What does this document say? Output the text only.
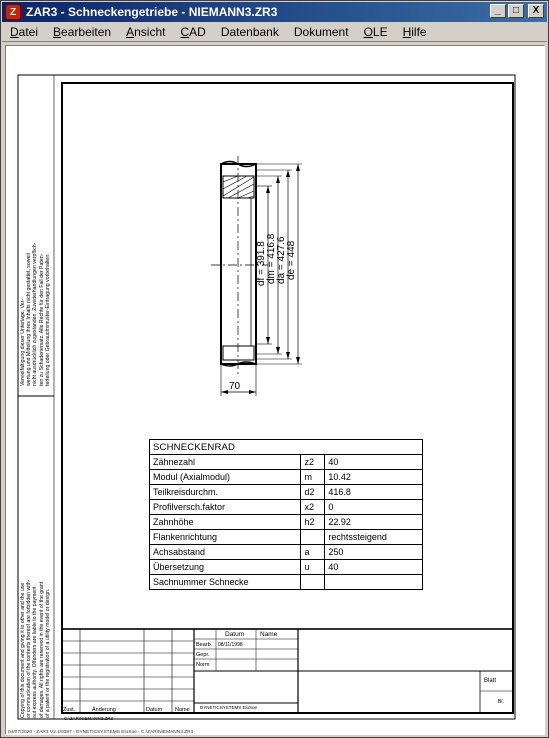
Z ZAR3 - Schneckengetriebe - NIEMANN3.ZR3	_	□	X
Datei	Bearbeiten	Ansicht	CAD	Datenbank	Dokument	OLE	Hilfe
df = 391.8 dm = 416.8 da = 427.6 de = 448
70
Datum Name
Bearb. 08/11/1998
Gepr.
Norm
Zust.	Änderung	Datum Name DYNETICSYSTEMS EloSoe
Blatt
Bl.
C:\ZAR\NIEMANN3.ZR3
04/07/2020 - ZAR3 V2.1/0387 - DYNETICSYSTEMS EloSoe - C:\ZAR\NIEMANN3.ZR3
Vervielfältigung dieser Unterlage, Ver-
wertung und Mitteilung ihres Inhalts nicht gestattet, soweit
nicht ausdrücklich zugestanden. Zuwiderhandlungen verpflich-
ten zu Schadenersatz. Alle Rechte für den Fall der Paten-
terteilung oder Gebrauchsmuster-Eintragung vorbehalten.
Copying of this document and giving it to other and the use
or communication of the contents thereof are forbidden with-
out express authority. Offenders are liable to the payment
of damages. All rights are reserved in the event of the grant
of a patent or the registration of a utility model or design.
SCHNECKENRAD		
Zähnezahl	z2	40
Modul (Axialmodul)	m	10.42
Teilkreisdurchm.	d2	416.8
Profilversch.faktor	x2	0
Zahnhöhe	h2	22.92
Flankenrichtung		rechtssteigend
Achsabstand	a	250
Übersetzung	u	40
Sachnummer Schnecke		
